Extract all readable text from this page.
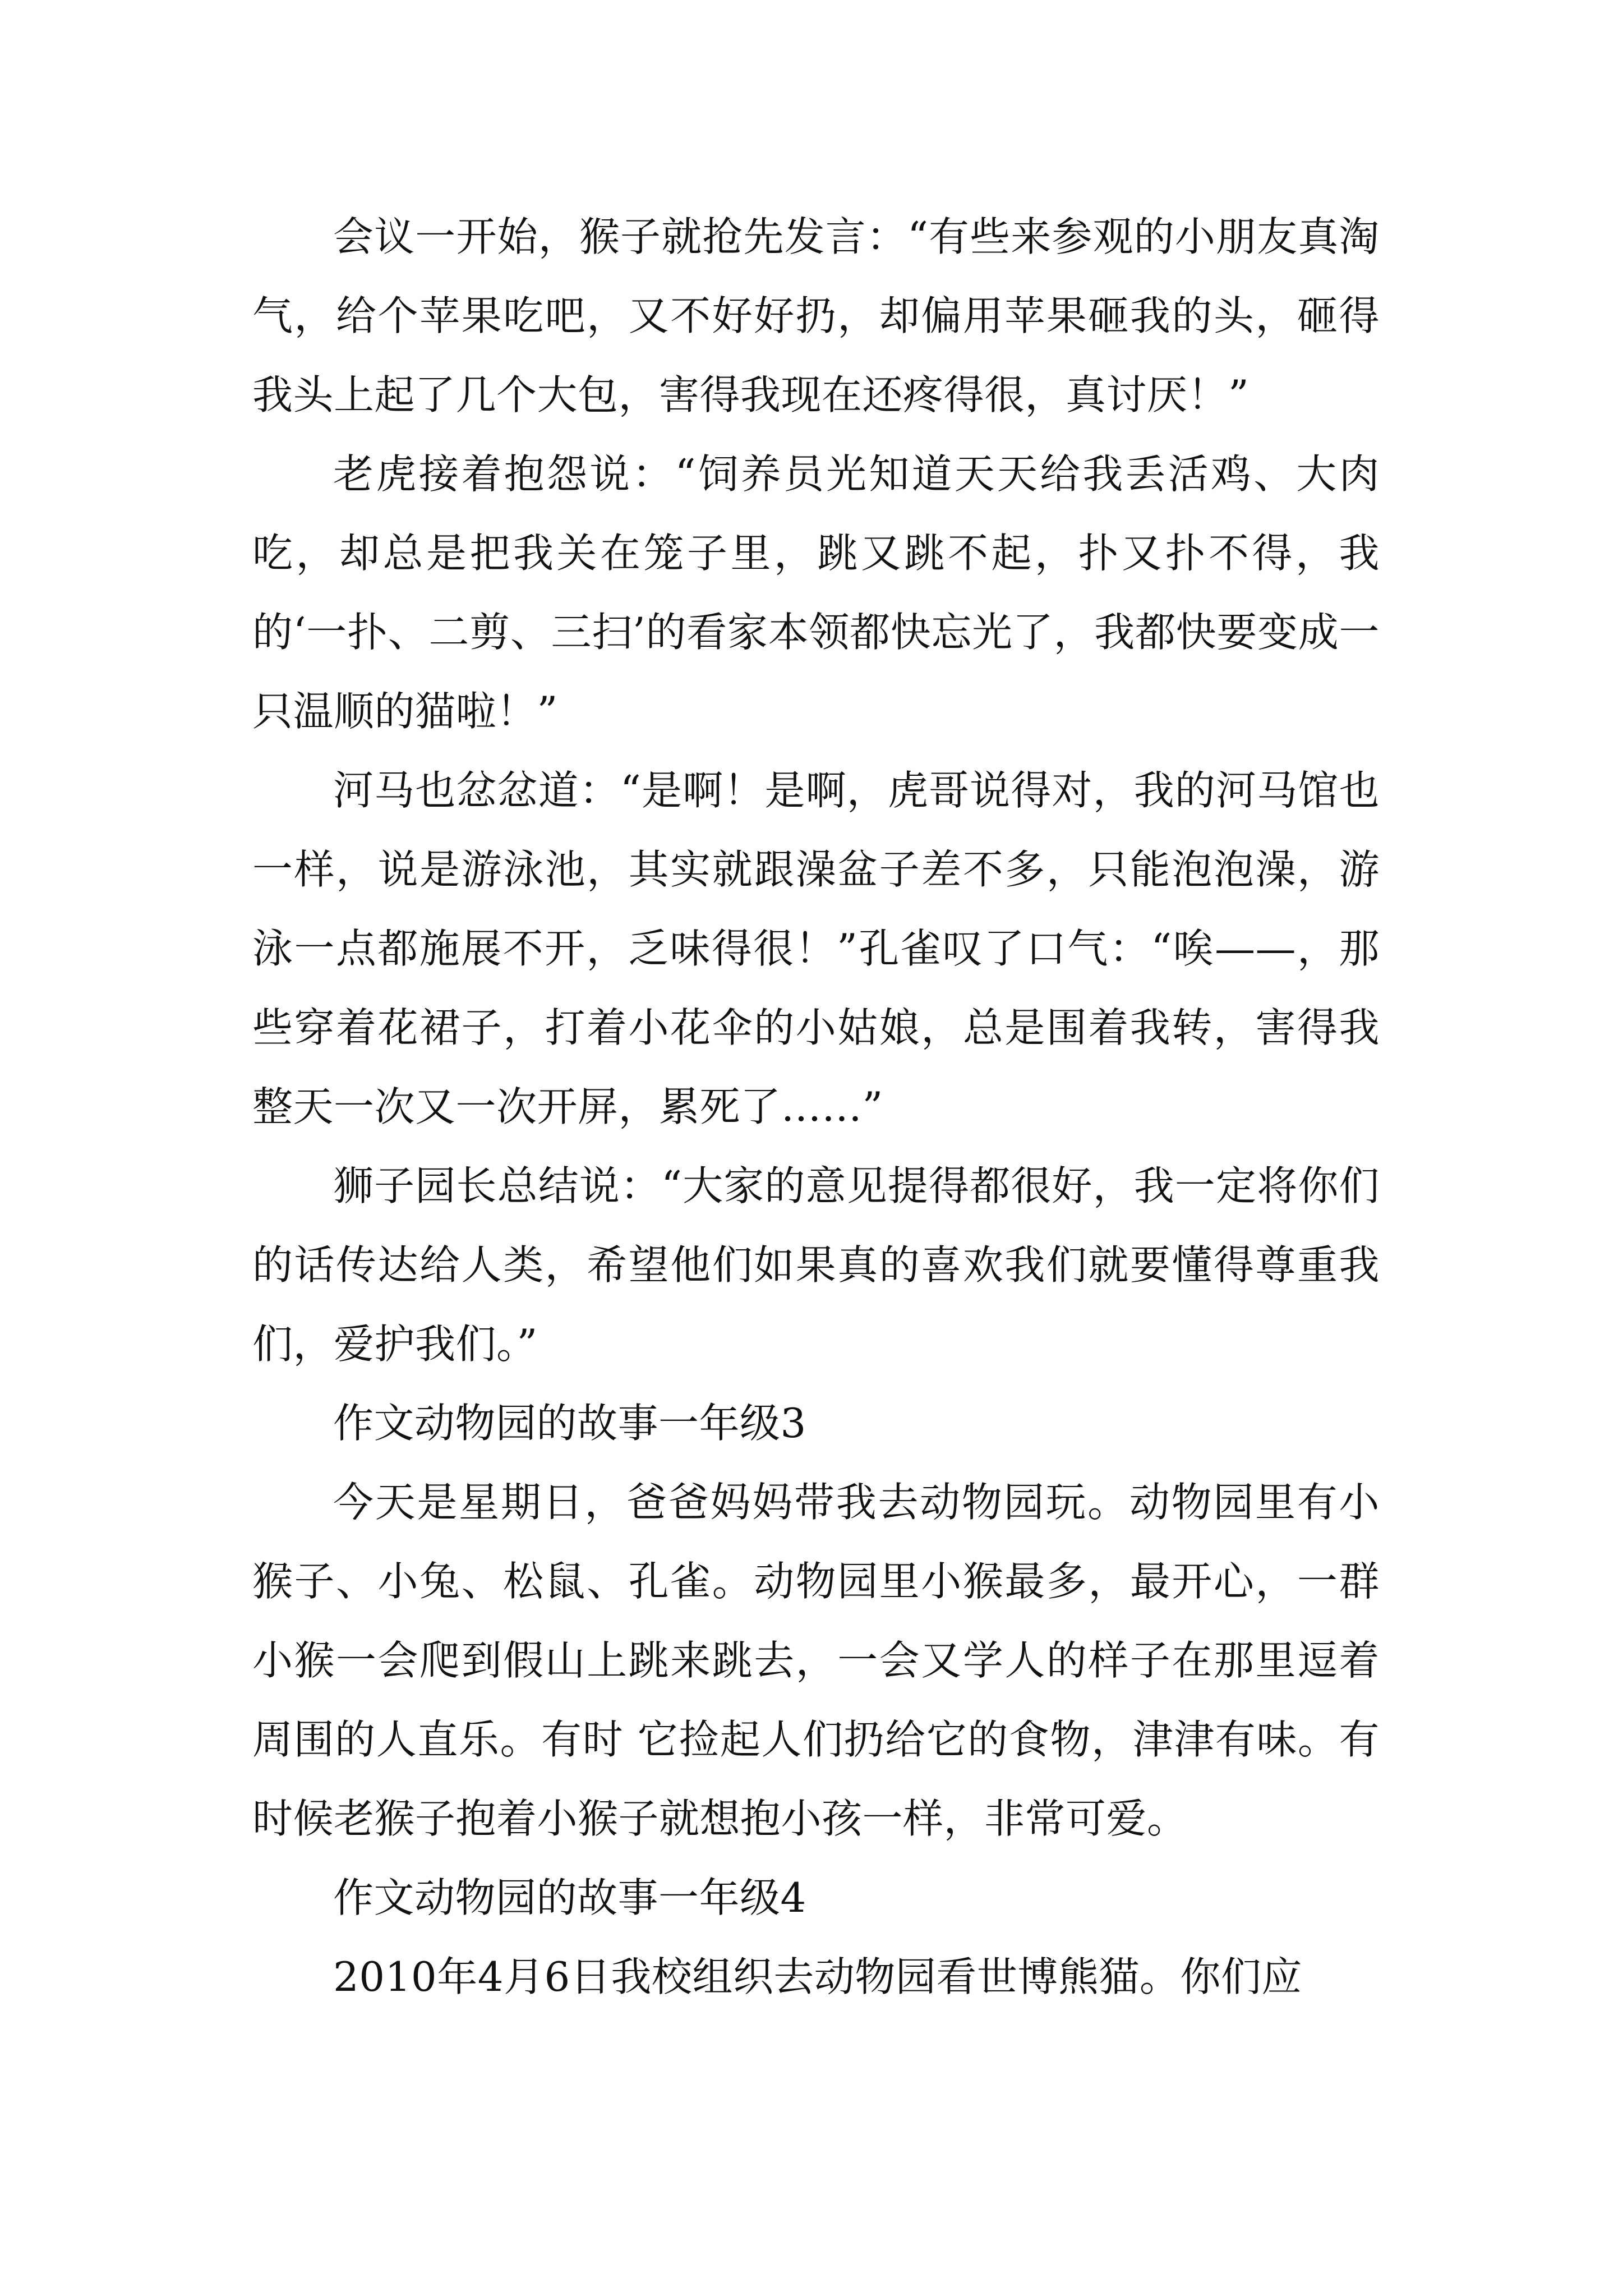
会议一开始，猴子就抢先发言：“有些来参观的小朋友真淘气，给个苹果吃吧，又不好好扔，却偏用苹果砸我的头，砸得我头上起了几个大包，害得我现在还疼得很，真讨厌！”

老虎接着抱怨说：“饲养员光知道天天给我丢活鸡、大肉吃，却总是把我关在笼子里，跳又跳不起，扑又扑不得，我的‘一扑、二剪、三扫’的看家本领都快忘光了，我都快要变成一只温顺的猫啦！”

河马也忿忿道：“是啊！是啊，虎哥说得对，我的河马馆也一样，说是游泳池，其实就跟澡盆子差不多，只能泡泡澡，游泳一点都施展不开，乏味得很！”孔雀叹了口气：“唉——，那些穿着花裙子，打着小花伞的小姑娘，总是围着我转，害得我整天一次又一次开屏，累死了……”

狮子园长总结说：“大家的意见提得都很好，我一定将你们的话传达给人类，希望他们如果真的喜欢我们就要懂得尊重我们，爱护我们。”

作文动物园的故事一年级3

今天是星期日，爸爸妈妈带我去动物园玩。动物园里有小猴子、小兔、松鼠、孔雀。动物园里小猴最多，最开心，一群小猴一会爬到假山上跳来跳去，一会又学人的样子在那里逗着周围的人直乐。有时 它捡起人们扔给它的食物，津津有味。有时候老猴子抱着小猴子就想抱小孩一样，非常可爱。

作文动物园的故事一年级4

2010年4月6日我校组织去动物园看世博熊猫。你们应
